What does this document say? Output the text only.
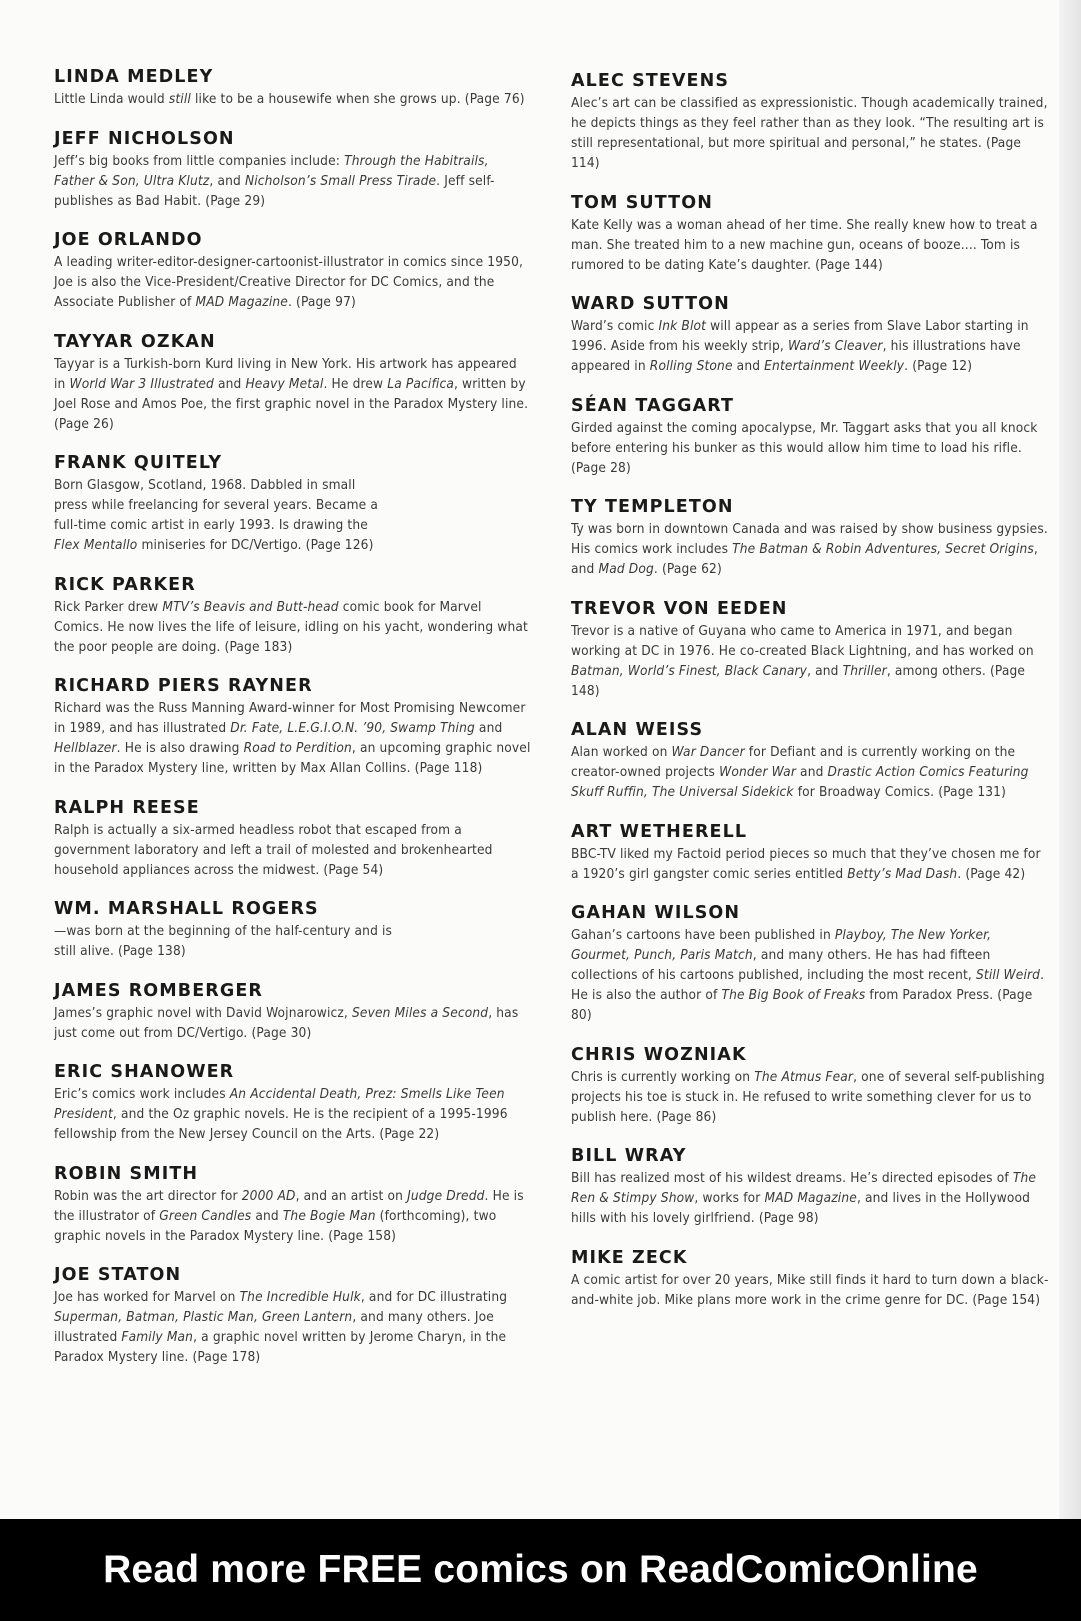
LINDA MEDLEY

Little Linda would still like to be a housewife when she grows up. (Page 76)

JEFF NICHOLSON

Jeff’s big books from little companies include: Through the Habitrails, Father & Son, Ultra Klutz, and Nicholson’s Small Press Tirade. Jeff self-publishes as Bad Habit. (Page 29)

JOE ORLANDO

A leading writer-editor-designer-cartoonist-illustrator in comics since 1950, Joe is also the Vice-President/Creative Director for DC Comics, and the Associate Publisher of MAD Magazine. (Page 97)

TAYYAR OZKAN

Tayyar is a Turkish-born Kurd living in New York. His artwork has appeared in World War 3 Illustrated and Heavy Metal. He drew La Pacifica, written by Joel Rose and Amos Poe, the first graphic novel in the Paradox Mystery line. (Page 26)

FRANK QUITELY

Born Glasgow, Scotland, 1968. Dabbled in small
press while freelancing for several years. Became a
full-time comic artist in early 1993. Is drawing the
Flex Mentallo miniseries for DC/Vertigo. (Page 126)

RICK PARKER

Rick Parker drew MTV’s Beavis and Butt-head comic book for Marvel Comics. He now lives the life of leisure, idling on his yacht, wondering what the poor people are doing. (Page 183)

RICHARD PIERS RAYNER

Richard was the Russ Manning Award-winner for Most Promising Newcomer in 1989, and has illustrated Dr. Fate, L.E.G.I.O.N. ’90, Swamp Thing and Hellblazer. He is also drawing Road to Perdition, an upcoming graphic novel in the Paradox Mystery line, written by Max Allan Collins. (Page 118)

RALPH REESE

Ralph is actually a six-armed headless robot that escaped from a government laboratory and left a trail of molested and brokenhearted household appliances across the midwest. (Page 54)

WM. MARSHALL ROGERS

—was born at the beginning of the half-century and is
still alive. (Page 138)

JAMES ROMBERGER

James’s graphic novel with David Wojnarowicz, Seven Miles a Second, has just come out from DC/Vertigo. (Page 30)

ERIC SHANOWER

Eric’s comics work includes An Accidental Death, Prez: Smells Like Teen President, and the Oz graphic novels. He is the recipient of a 1995-1996 fellowship from the New Jersey Council on the Arts. (Page 22)

ROBIN SMITH

Robin was the art director for 2000 AD, and an artist on Judge Dredd. He is the illustrator of Green Candles and The Bogie Man (forthcoming), two graphic novels in the Paradox Mystery line. (Page 158)

JOE STATON

Joe has worked for Marvel on The Incredible Hulk, and for DC illustrating Superman, Batman, Plastic Man, Green Lantern, and many others. Joe illustrated Family Man, a graphic novel written by Jerome Charyn, in the Paradox Mystery line. (Page 178)

ALEC STEVENS

Alec’s art can be classified as expressionistic. Though academically trained, he depicts things as they feel rather than as they look. “The resulting art is still representational, but more spiritual and personal,” he states. (Page 114)

TOM SUTTON

Kate Kelly was a woman ahead of her time. She really knew how to treat a man. She treated him to a new machine gun, oceans of booze.... Tom is rumored to be dating Kate’s daughter. (Page 144)

WARD SUTTON

Ward’s comic Ink Blot will appear as a series from Slave Labor starting in 1996. Aside from his weekly strip, Ward’s Cleaver, his illustrations have appeared in Rolling Stone and Entertainment Weekly. (Page 12)

SÉAN TAGGART

Girded against the coming apocalypse, Mr. Taggart asks that you all knock before entering his bunker as this would allow him time to load his rifle. (Page 28)

TY TEMPLETON

Ty was born in downtown Canada and was raised by show business gypsies. His comics work includes The Batman & Robin Adventures, Secret Origins, and Mad Dog. (Page 62)

TREVOR VON EEDEN

Trevor is a native of Guyana who came to America in 1971, and began working at DC in 1976. He co-created Black Lightning, and has worked on Batman, World’s Finest, Black Canary, and Thriller, among others. (Page 148)

ALAN WEISS

Alan worked on War Dancer for Defiant and is currently working on the creator-owned projects Wonder War and Drastic Action Comics Featuring Skuff Ruffin, The Universal Sidekick for Broadway Comics. (Page 131)

ART WETHERELL

BBC-TV liked my Factoid period pieces so much that they’ve chosen me for a 1920’s girl gangster comic series entitled Betty’s Mad Dash. (Page 42)

GAHAN WILSON

Gahan’s cartoons have been published in Playboy, The New Yorker, Gourmet, Punch, Paris Match, and many others. He has had fifteen collections of his cartoons published, including the most recent, Still Weird. He is also the author of The Big Book of Freaks from Paradox Press. (Page 80)

CHRIS WOZNIAK

Chris is currently working on The Atmus Fear, one of several self-publishing projects his toe is stuck in. He refused to write something clever for us to publish here. (Page 86)

BILL WRAY

Bill has realized most of his wildest dreams. He’s directed episodes of The Ren & Stimpy Show, works for MAD Magazine, and lives in the Hollywood hills with his lovely girlfriend. (Page 98)

MIKE ZECK

A comic artist for over 20 years, Mike still finds it hard to turn down a black-and-white job. Mike plans more work in the crime genre for DC. (Page 154)

Read more FREE comics on ReadComicOnline
